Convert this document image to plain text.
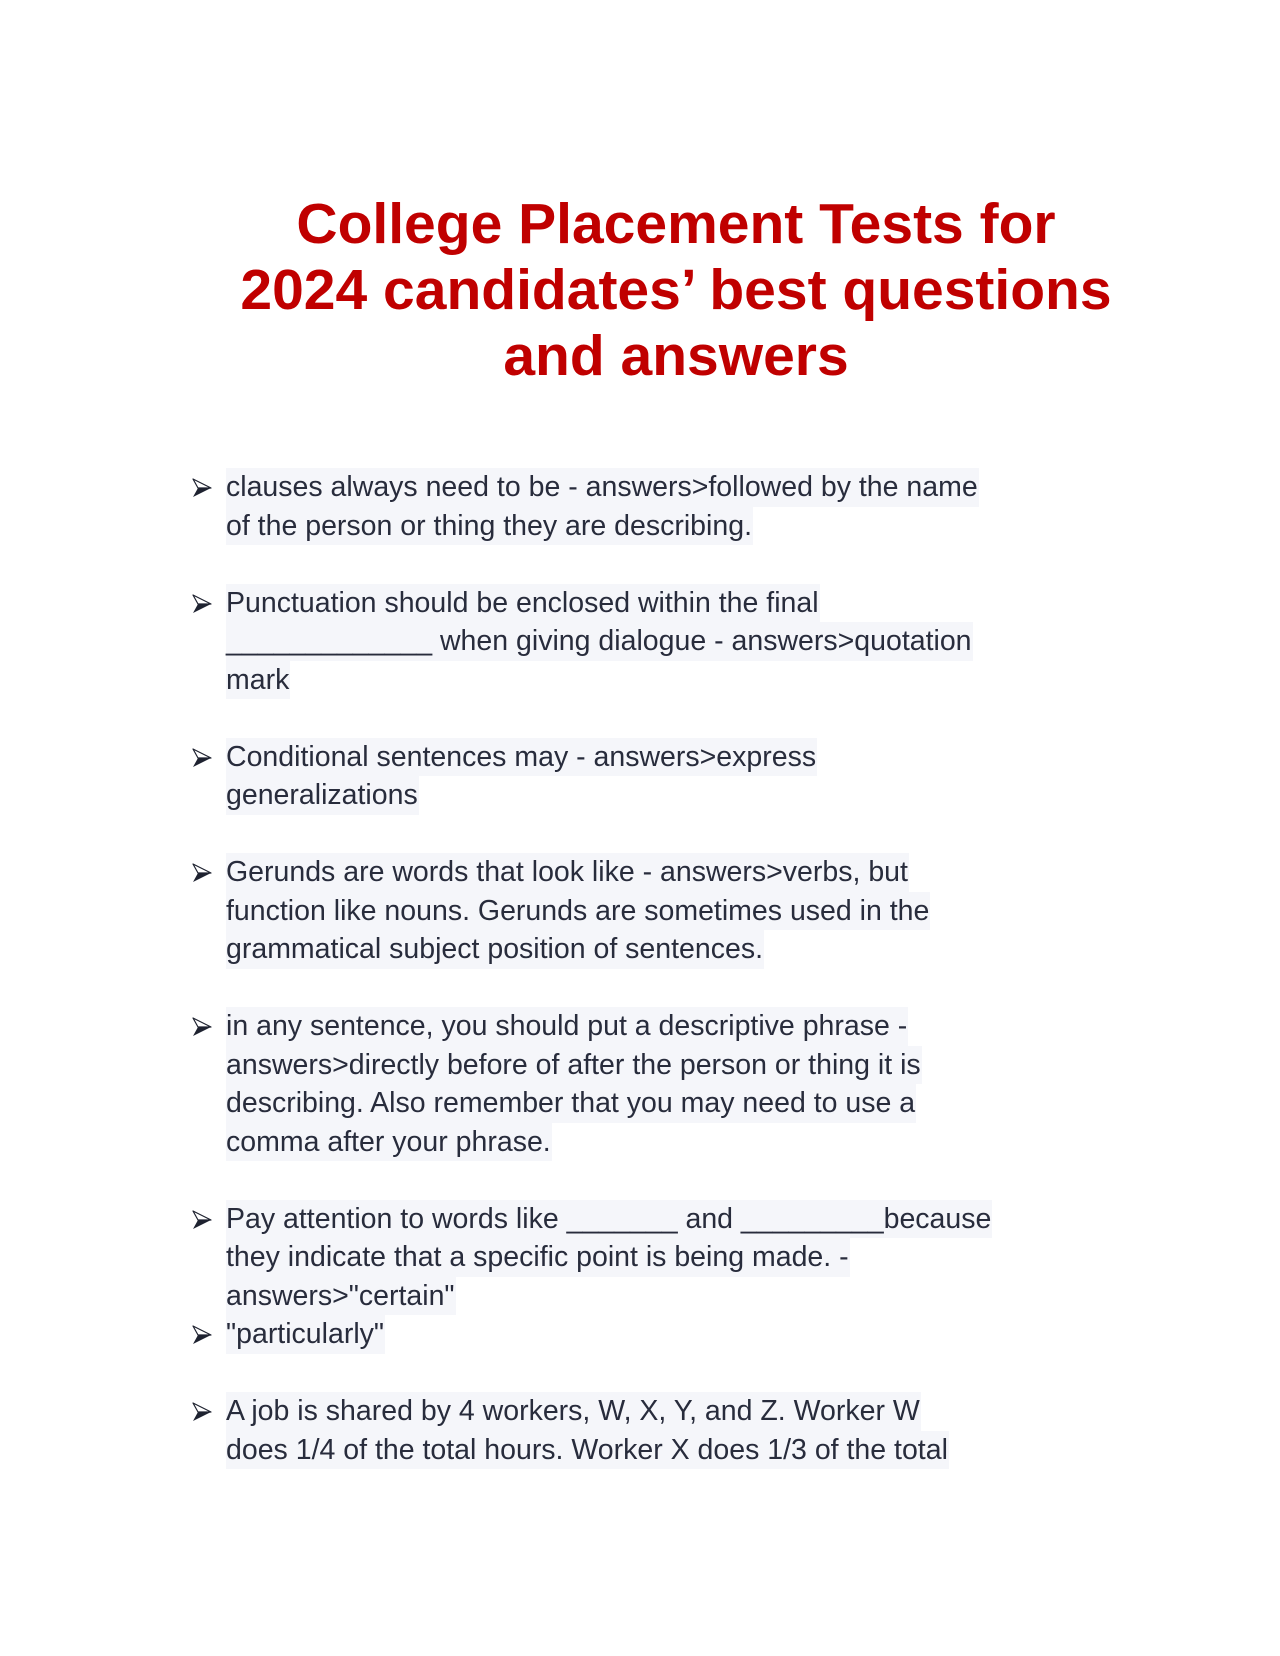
College Placement Tests for
2024 candidates’ best questions
and answers
clauses always need to be - answers>followed by the name
of the person or thing they are describing.
Punctuation should be enclosed within the final
_____________ when giving dialogue - answers>quotation
mark
Conditional sentences may - answers>express
generalizations
Gerunds are words that look like - answers>verbs, but
function like nouns. Gerunds are sometimes used in the
grammatical subject position of sentences.
in any sentence, you should put a descriptive phrase -
answers>directly before of after the person or thing it is
describing. Also remember that you may need to use a
comma after your phrase.
Pay attention to words like _______ and _________because
they indicate that a specific point is being made. -
answers>"certain"
"particularly"
A job is shared by 4 workers, W, X, Y, and Z. Worker W
does 1/4 of the total hours. Worker X does 1/3 of the total
